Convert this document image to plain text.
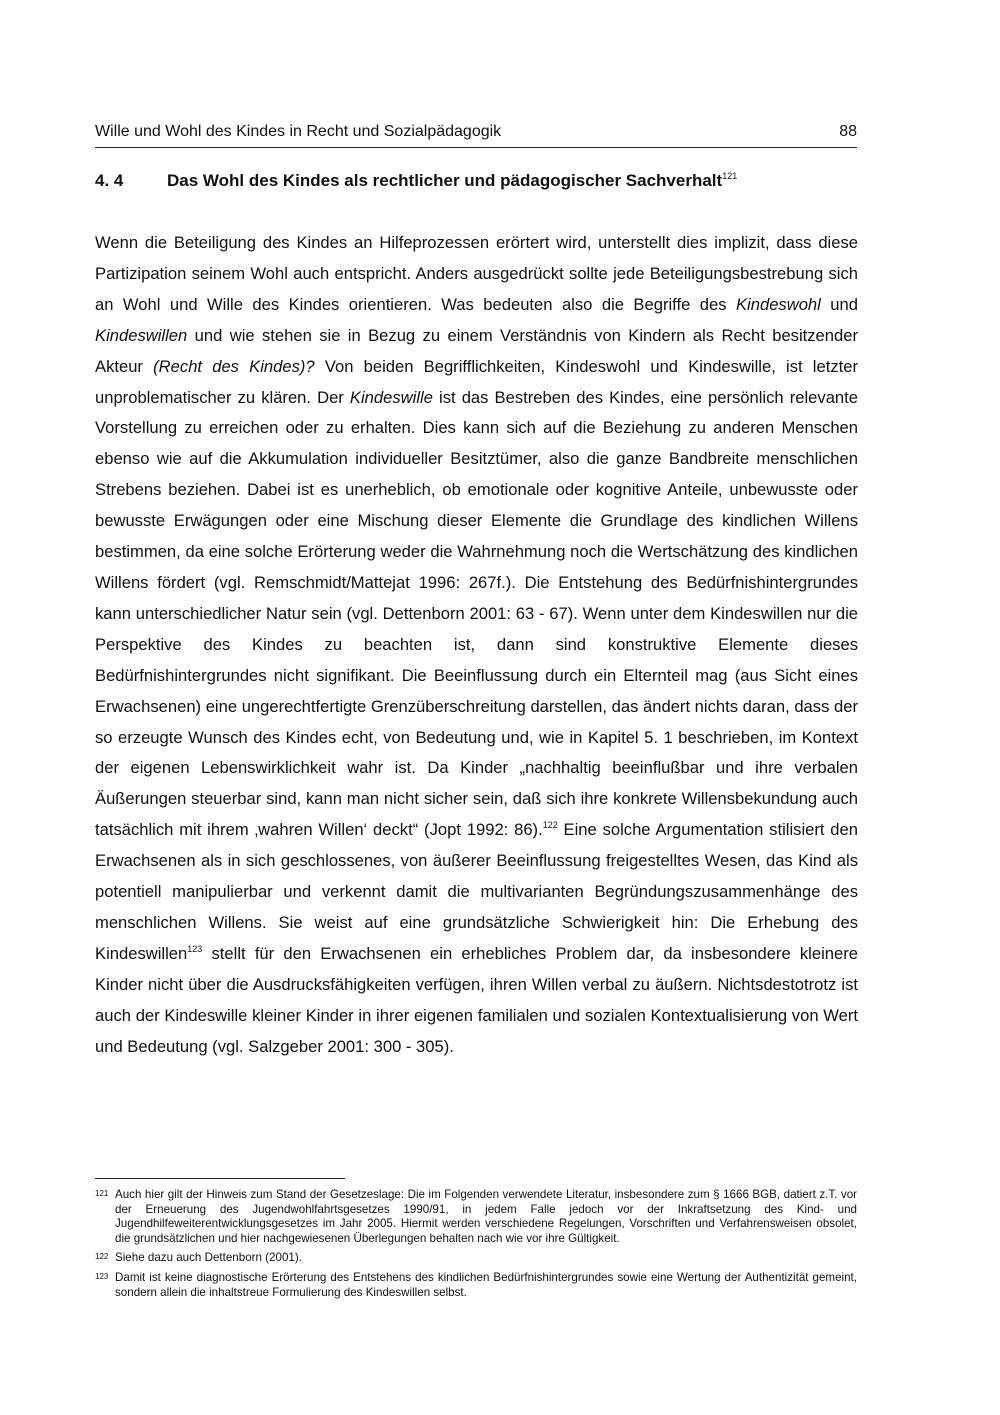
Wille und Wohl des Kindes in Recht und Sozialpädagogik	88
4. 4	Das Wohl des Kindes als rechtlicher und pädagogischer Sachverhalt$^{121}$

Wenn die Beteiligung des Kindes an Hilfeprozessen erörtert wird, unterstellt dies implizit, dass diese Partizipation seinem Wohl auch entspricht. Anders ausgedrückt sollte jede Beteiligungsbestrebung sich an Wohl und Wille des Kindes orientieren. Was bedeuten also die Begriffe des Kindeswohl und Kindeswillen und wie stehen sie in Bezug zu einem Verständnis von Kindern als Recht besitzender Akteur (Recht des Kindes)? Von beiden Begrifflichkeiten, Kindeswohl und Kindeswille, ist letzter unproblematischer zu klären. Der Kindeswille ist das Bestreben des Kindes, eine persönlich relevante Vorstellung zu erreichen oder zu erhalten. Dies kann sich auf die Beziehung zu anderen Menschen ebenso wie auf die Akkumulation individueller Besitztümer, also die ganze Bandbreite menschlichen Strebens beziehen. Dabei ist es unerheblich, ob emotionale oder kognitive Anteile, unbewusste oder bewusste Erwägungen oder eine Mischung dieser Elemente die Grundlage des kindlichen Willens bestimmen, da eine solche Erörterung weder die Wahrnehmung noch die Wertschätzung des kindlichen Willens fördert (vgl. Remschmidt/Mattejat 1996: 267f.). Die Entstehung des Bedürfnishintergrundes kann unterschiedlicher Natur sein (vgl. Dettenborn 2001: 63 - 67). Wenn unter dem Kindeswillen nur die Perspektive des Kindes zu beachten ist, dann sind konstruktive Elemente dieses Bedürfnishintergrundes nicht signifikant. Die Beeinflussung durch ein Elternteil mag (aus Sicht eines Erwachsenen) eine ungerechtfertigte Grenzüberschreitung darstellen, das ändert nichts daran, dass der so erzeugte Wunsch des Kindes echt, von Bedeutung und, wie in Kapitel 5. 1 beschrieben, im Kontext der eigenen Lebenswirklichkeit wahr ist. Da Kinder „nachhaltig beeinflußbar und ihre verbalen Äußerungen steuerbar sind, kann man nicht sicher sein, daß sich ihre konkrete Willensbekundung auch tatsächlich mit ihrem ‚wahren Willen‘ deckt“ (Jopt 1992: 86).$^{122}$ Eine solche Argumentation stilisiert den Erwachsenen als in sich geschlossenes, von äußerer Beeinflussung freigestelltes Wesen, das Kind als potentiell manipulierbar und verkennt damit die multivarianten Begründungszusammenhänge des menschlichen Willens. Sie weist auf eine grundsätzliche Schwierigkeit hin: Die Erhebung des Kindeswillen$^{123}$ stellt für den Erwachsenen ein erhebliches Problem dar, da insbesondere kleinere Kinder nicht über die Ausdrucksfähigkeiten verfügen, ihren Willen verbal zu äußern. Nichtsdestotrotz ist auch der Kindeswille kleiner Kinder in ihrer eigenen familialen und sozialen Kontextualisierung von Wert und Bedeutung (vgl. Salzgeber 2001: 300 - 305).

121 Auch hier gilt der Hinweis zum Stand der Gesetzeslage: Die im Folgenden verwendete Literatur, insbesondere zum § 1666 BGB, datiert z.T. vor der Erneuerung des Jugendwohlfahrtsgesetzes 1990/91, in jedem Falle jedoch vor der Inkraftsetzung des Kind- und Jugendhilfeweiterentwicklungsgesetzes im Jahr 2005. Hiermit werden verschiedene Regelungen, Vorschriften und Verfahrensweisen obsolet, die grundsätzlichen und hier nachgewiesenen Überlegungen behalten nach wie vor ihre Gültigkeit.
122 Siehe dazu auch Dettenborn (2001).
123 Damit ist keine diagnostische Erörterung des Entstehens des kindlichen Bedürfnishintergrundes sowie eine Wertung der Authentizität gemeint, sondern allein die inhaltstreue Formulierung des Kindeswillen selbst.
